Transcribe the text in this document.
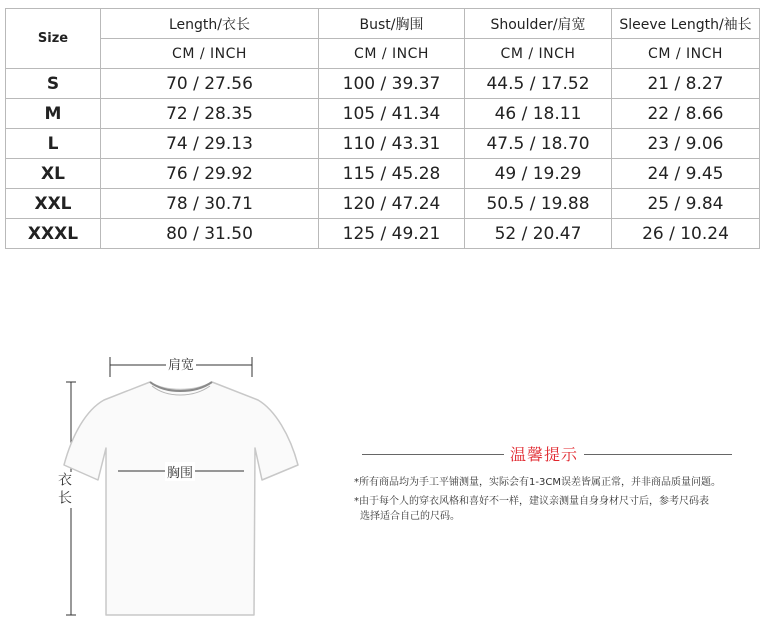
Size	Length/衣长	Bust/胸围	Shoulder/肩宽	Sleeve Length/袖长
	CM / INCH	CM / INCH	CM / INCH	CM / INCH
S	70 / 27.56	100 / 39.37	44.5 / 17.52	21 / 8.27
M	72 / 28.35	105 / 41.34	46 / 18.11	22 / 8.66
L	74 / 29.13	110 / 43.31	47.5 / 18.70	23 / 9.06
XL	76 / 29.92	115 / 45.28	49 / 19.29	24 / 9.45
XXL	78 / 30.71	120 / 47.24	50.5 / 19.88	25 / 9.84
XXXL	80 / 31.50	125 / 49.21	52 / 20.47	26 / 10.24
肩宽
胸围
衣长
温馨提示
*所有商品均为手工平铺测量，实际会有1-3CM误差皆属正常，并非商品质量问题。
*由于每个人的穿衣风格和喜好不一样，建议亲测量自身身材尺寸后，参考尺码表
选择适合自己的尺码。
